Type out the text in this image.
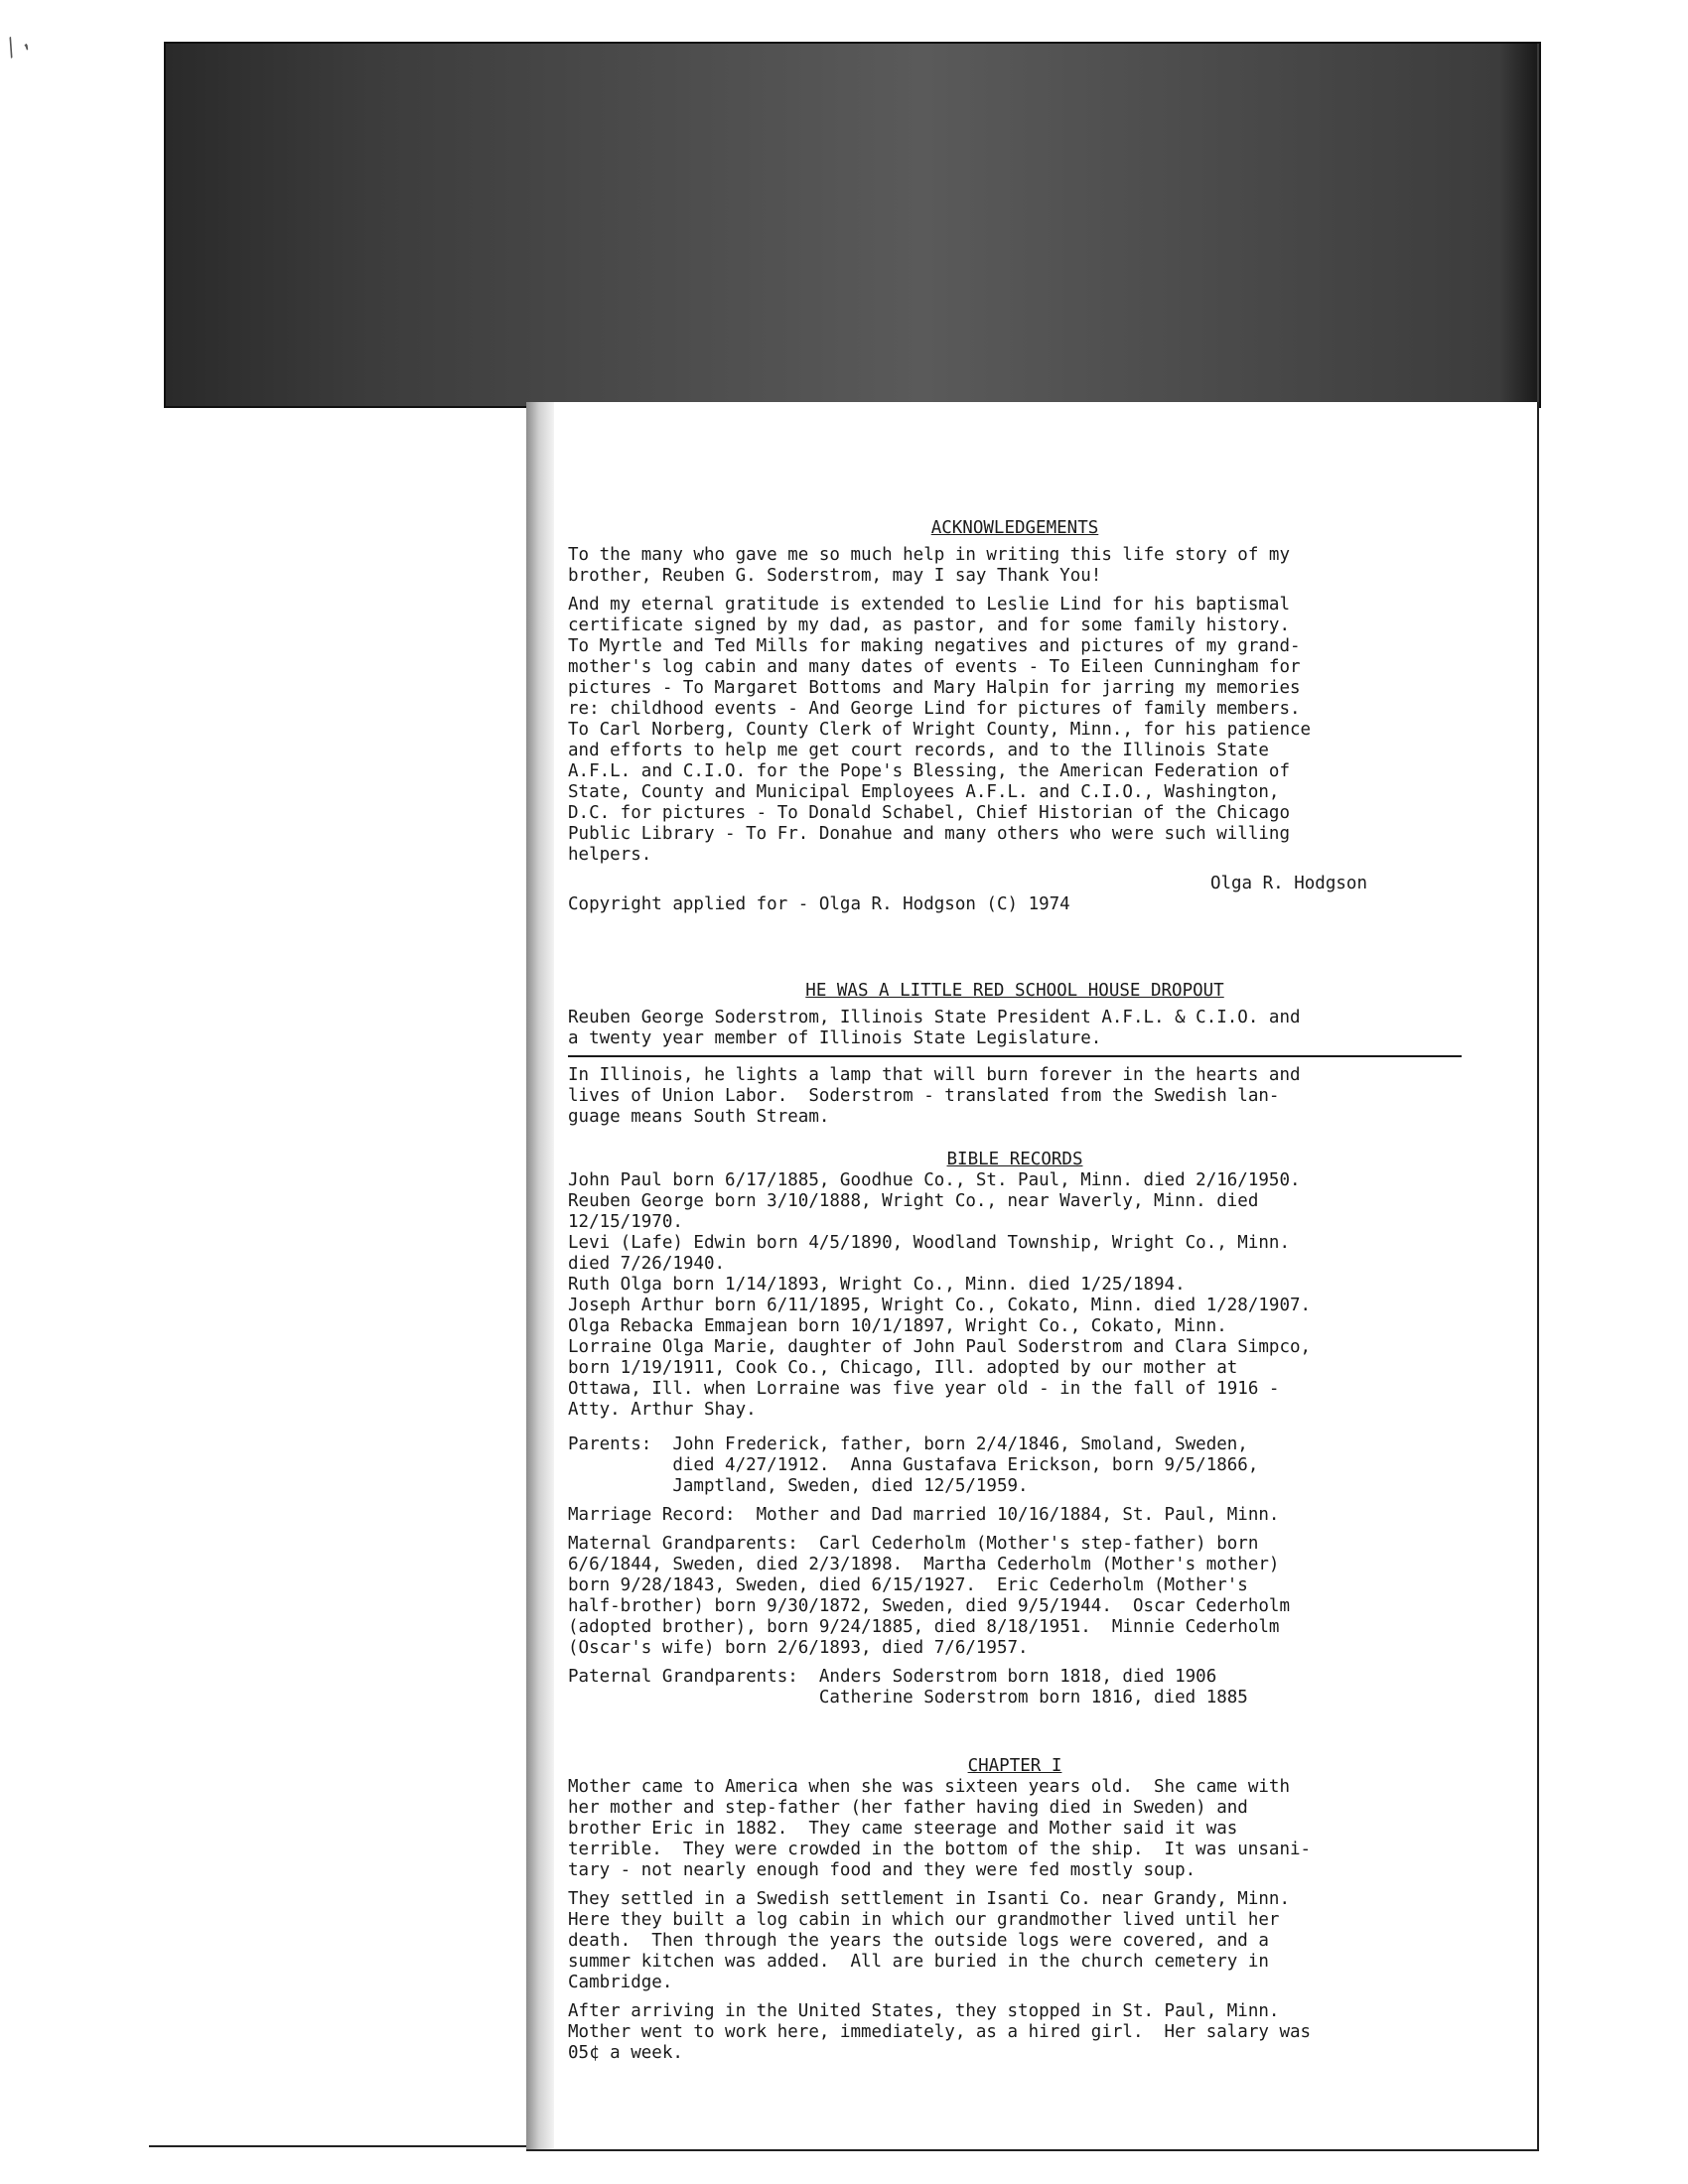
⁄ ,

ACKNOWLEDGEMENTS

To the many who gave me so much help in writing this life story of my
brother, Reuben G. Soderstrom, may I say Thank You!

And my eternal gratitude is extended to Leslie Lind for his baptismal
certificate signed by my dad, as pastor, and for some family history.
To Myrtle and Ted Mills for making negatives and pictures of my grand-
mother's log cabin and many dates of events - To Eileen Cunningham for
pictures - To Margaret Bottoms and Mary Halpin for jarring my memories
re: childhood events - And George Lind for pictures of family members.
To Carl Norberg, County Clerk of Wright County, Minn., for his patience
and efforts to help me get court records, and to the Illinois State
A.F.L. and C.I.O. for the Pope's Blessing, the American Federation of
State, County and Municipal Employees A.F.L. and C.I.O., Washington,
D.C. for pictures - To Donald Schabel, Chief Historian of the Chicago
Public Library - To Fr. Donahue and many others who were such willing
helpers.

Olga R. Hodgson

Copyright applied for - Olga R. Hodgson (C) 1974

HE WAS A LITTLE RED SCHOOL HOUSE DROPOUT

Reuben George Soderstrom, Illinois State President A.F.L. & C.I.O. and
a twenty year member of Illinois State Legislature.

In Illinois, he lights a lamp that will burn forever in the hearts and
lives of Union Labor.  Soderstrom - translated from the Swedish lan-
guage means South Stream.

BIBLE RECORDS

John Paul born 6/17/1885, Goodhue Co., St. Paul, Minn. died 2/16/1950.

Reuben George born 3/10/1888, Wright Co., near Waverly, Minn. died
12/15/1970.

Levi (Lafe) Edwin born 4/5/1890, Woodland Township, Wright Co., Minn.
died 7/26/1940.

Ruth Olga born 1/14/1893, Wright Co., Minn. died 1/25/1894.

Joseph Arthur born 6/11/1895, Wright Co., Cokato, Minn. died 1/28/1907.

Olga Rebacka Emmajean born 10/1/1897, Wright Co., Cokato, Minn.

Lorraine Olga Marie, daughter of John Paul Soderstrom and Clara Simpco,
born 1/19/1911, Cook Co., Chicago, Ill. adopted by our mother at
Ottawa, Ill. when Lorraine was five year old - in the fall of 1916 -
Atty. Arthur Shay.

Parents: John Frederick, father, born 2/4/1846, Smoland, Sweden,
died 4/27/1912.  Anna Gustafava Erickson, born 9/5/1866,
Jamptland, Sweden, died 12/5/1959.

Marriage Record:  Mother and Dad married 10/16/1884, St. Paul, Minn.

Maternal Grandparents:  Carl Cederholm (Mother's step-father) born
6/6/1844, Sweden, died 2/3/1898.  Martha Cederholm (Mother's mother)
born 9/28/1843, Sweden, died 6/15/1927.  Eric Cederholm (Mother's
half-brother) born 9/30/1872, Sweden, died 9/5/1944.  Oscar Cederholm
(adopted brother), born 9/24/1885, died 8/18/1951.  Minnie Cederholm
(Oscar's wife) born 2/6/1893, died 7/6/1957.

Paternal Grandparents: Anders Soderstrom born 1818, died 1906
Catherine Soderstrom born 1816, died 1885

CHAPTER I

Mother came to America when she was sixteen years old.  She came with
her mother and step-father (her father having died in Sweden) and
brother Eric in 1882.  They came steerage and Mother said it was
terrible.  They were crowded in the bottom of the ship.  It was unsani-
tary - not nearly enough food and they were fed mostly soup.

They settled in a Swedish settlement in Isanti Co. near Grandy, Minn.
Here they built a log cabin in which our grandmother lived until her
death.  Then through the years the outside logs were covered, and a
summer kitchen was added.  All are buried in the church cemetery in
Cambridge.

After arriving in the United States, they stopped in St. Paul, Minn.
Mother went to work here, immediately, as a hired girl.  Her salary was
05¢ a week.
